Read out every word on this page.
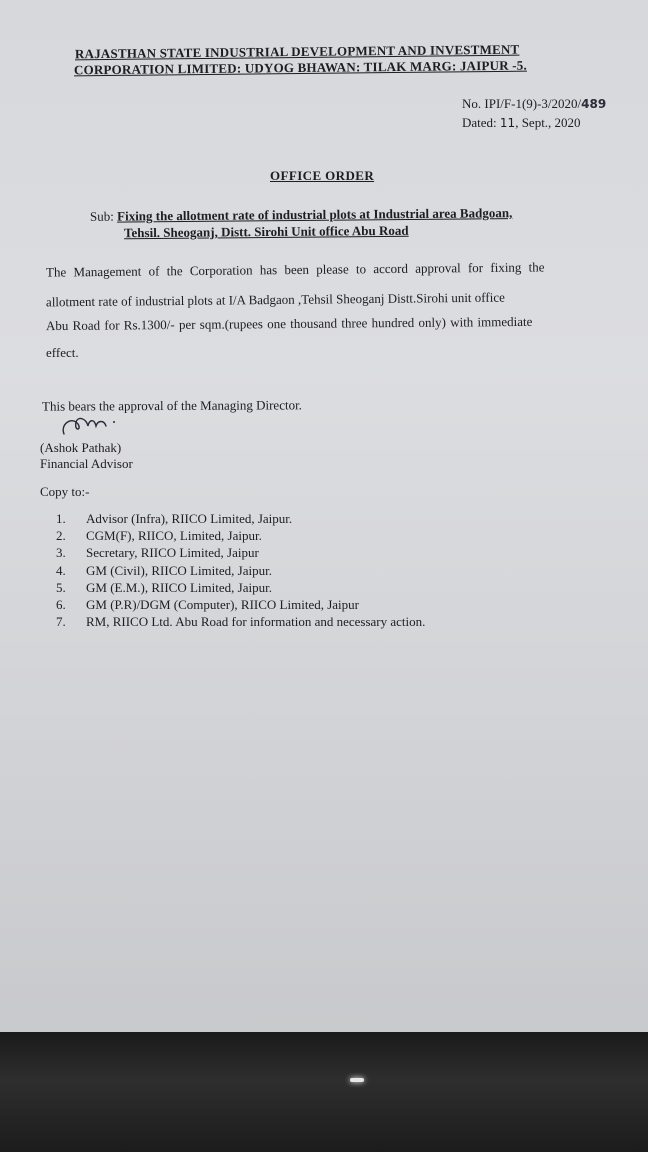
RAJASTHAN STATE INDUSTRIAL DEVELOPMENT AND INVESTMENT
CORPORATION LIMITED: UDYOG BHAWAN: TILAK MARG: JAIPUR -5.
No. IPI/F-1(9)-3/2020/489
Dated: 11, Sept., 2020
OFFICE ORDER
Sub: Fixing the allotment rate of industrial plots at Industrial area Badgoan,
Tehsil. Sheoganj, Distt. Sirohi Unit office Abu Road
The Management of the Corporation has been please to accord approval for fixing the
allotment rate of industrial plots at I/A Badgaon ,Tehsil Sheoganj Distt.Sirohi unit office
Abu Road for Rs.1300/- per sqm.(rupees one thousand three hundred only) with immediate
effect.
This bears the approval of the Managing Director.
(Ashok Pathak)
Financial Advisor
Copy to:-
1.	Advisor (Infra), RIICO Limited, Jaipur.
2.	CGM(F), RIICO, Limited, Jaipur.
3.	Secretary, RIICO Limited, Jaipur
4.	GM (Civil), RIICO Limited, Jaipur.
5.	GM (E.M.), RIICO Limited, Jaipur.
6.	GM (P.R)/DGM (Computer), RIICO Limited, Jaipur
7.	RM, RIICO Ltd. Abu Road for information and necessary action.
